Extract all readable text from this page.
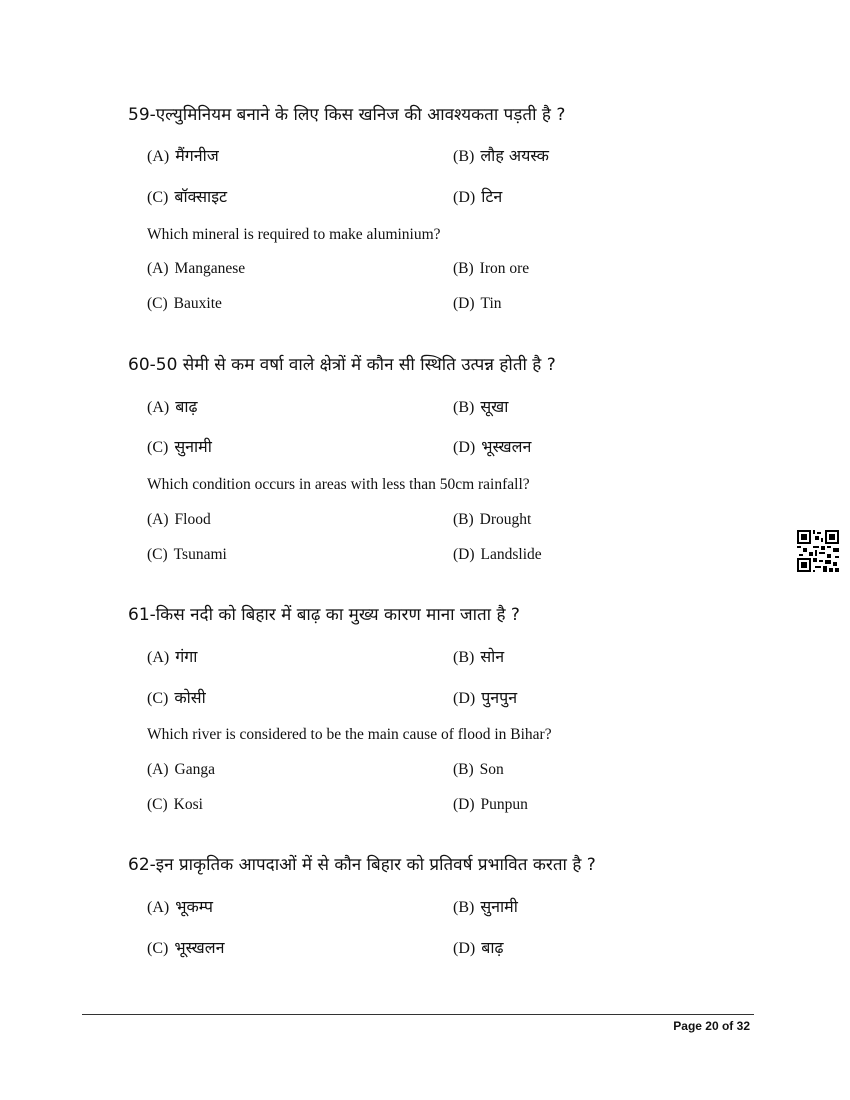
59-एल्युमिनियम बनाने के लिए किस खनिज की आवश्यकता पड़ती है ?
(A) मैंगनीज	(B) लौह अयस्क
(C) बॉक्साइट	(D) टिन
Which mineral is required to make aluminium?
(A) Manganese	(B) Iron ore
(C) Bauxite	(D) Tin
60-50 सेमी से कम वर्षा वाले क्षेत्रों में कौन सी स्थिति उत्पन्न होती है ?
(A) बाढ़	(B) सूखा
(C) सुनामी	(D) भूस्खलन
Which condition occurs in areas with less than 50cm rainfall?
(A) Flood	(B) Drought
(C) Tsunami	(D) Landslide
61-किस नदी को बिहार में बाढ़ का मुख्य कारण माना जाता है ?
(A) गंगा	(B) सोन
(C) कोसी	(D) पुनपुन
Which river is considered to be the main cause of flood in Bihar?
(A) Ganga	(B) Son
(C) Kosi	(D) Punpun
62-इन प्राकृतिक आपदाओं में से कौन बिहार को प्रतिवर्ष प्रभावित करता है ?
(A) भूकम्प	(B) सुनामी
(C) भूस्खलन	(D) बाढ़
Page 20 of 32
